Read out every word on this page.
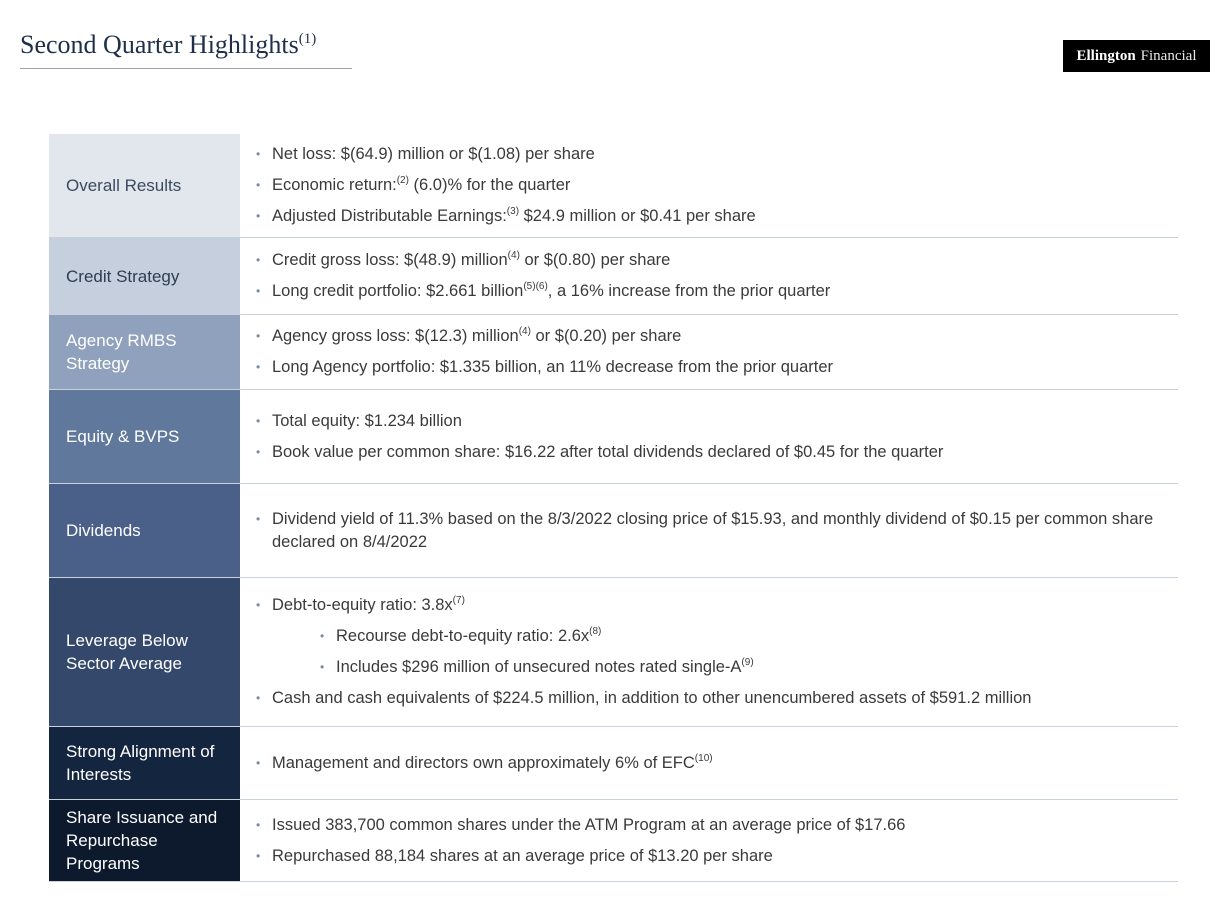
Second Quarter Highlights$^{(1)}$
Ellington Financial
Overall Results
• Net loss: $(64.9) million or $(1.08) per share
• Economic return:$^{(2)}$ (6.0)% for the quarter
• Adjusted Distributable Earnings:$^{(3)}$ $24.9 million or $0.41 per share
Credit Strategy
• Credit gross loss: $(48.9) million$^{(4)}$ or $(0.80) per share
• Long credit portfolio: $2.661 billion$^{(5)(6)}$, a 16% increase from the prior quarter
Agency RMBS Strategy
• Agency gross loss: $(12.3) million$^{(4)}$ or $(0.20) per share
• Long Agency portfolio: $1.335 billion, an 11% decrease from the prior quarter
Equity & BVPS
• Total equity: $1.234 billion
• Book value per common share: $16.22 after total dividends declared of $0.45 for the quarter
Dividends
• Dividend yield of 11.3% based on the 8/3/2022 closing price of $15.93, and monthly dividend of $0.15 per common share declared on 8/4/2022
Leverage Below Sector Average
• Debt-to-equity ratio: $3.8x^{(7)}$
• Recourse debt-to-equity ratio: $2.6x^{(8)}$
• Includes $296 million of unsecured notes rated single-$A^{(9)}$
• Cash and cash equivalents of $224.5 million, in addition to other unencumbered assets of $591.2 million
Strong Alignment of Interests
• Management and directors own approximately 6% of EFC$^{(10)}$
Share Issuance and Repurchase Programs
• Issued 383,700 common shares under the ATM Program at an average price of $17.66
• Repurchased 88,184 shares at an average price of $13.20 per share
